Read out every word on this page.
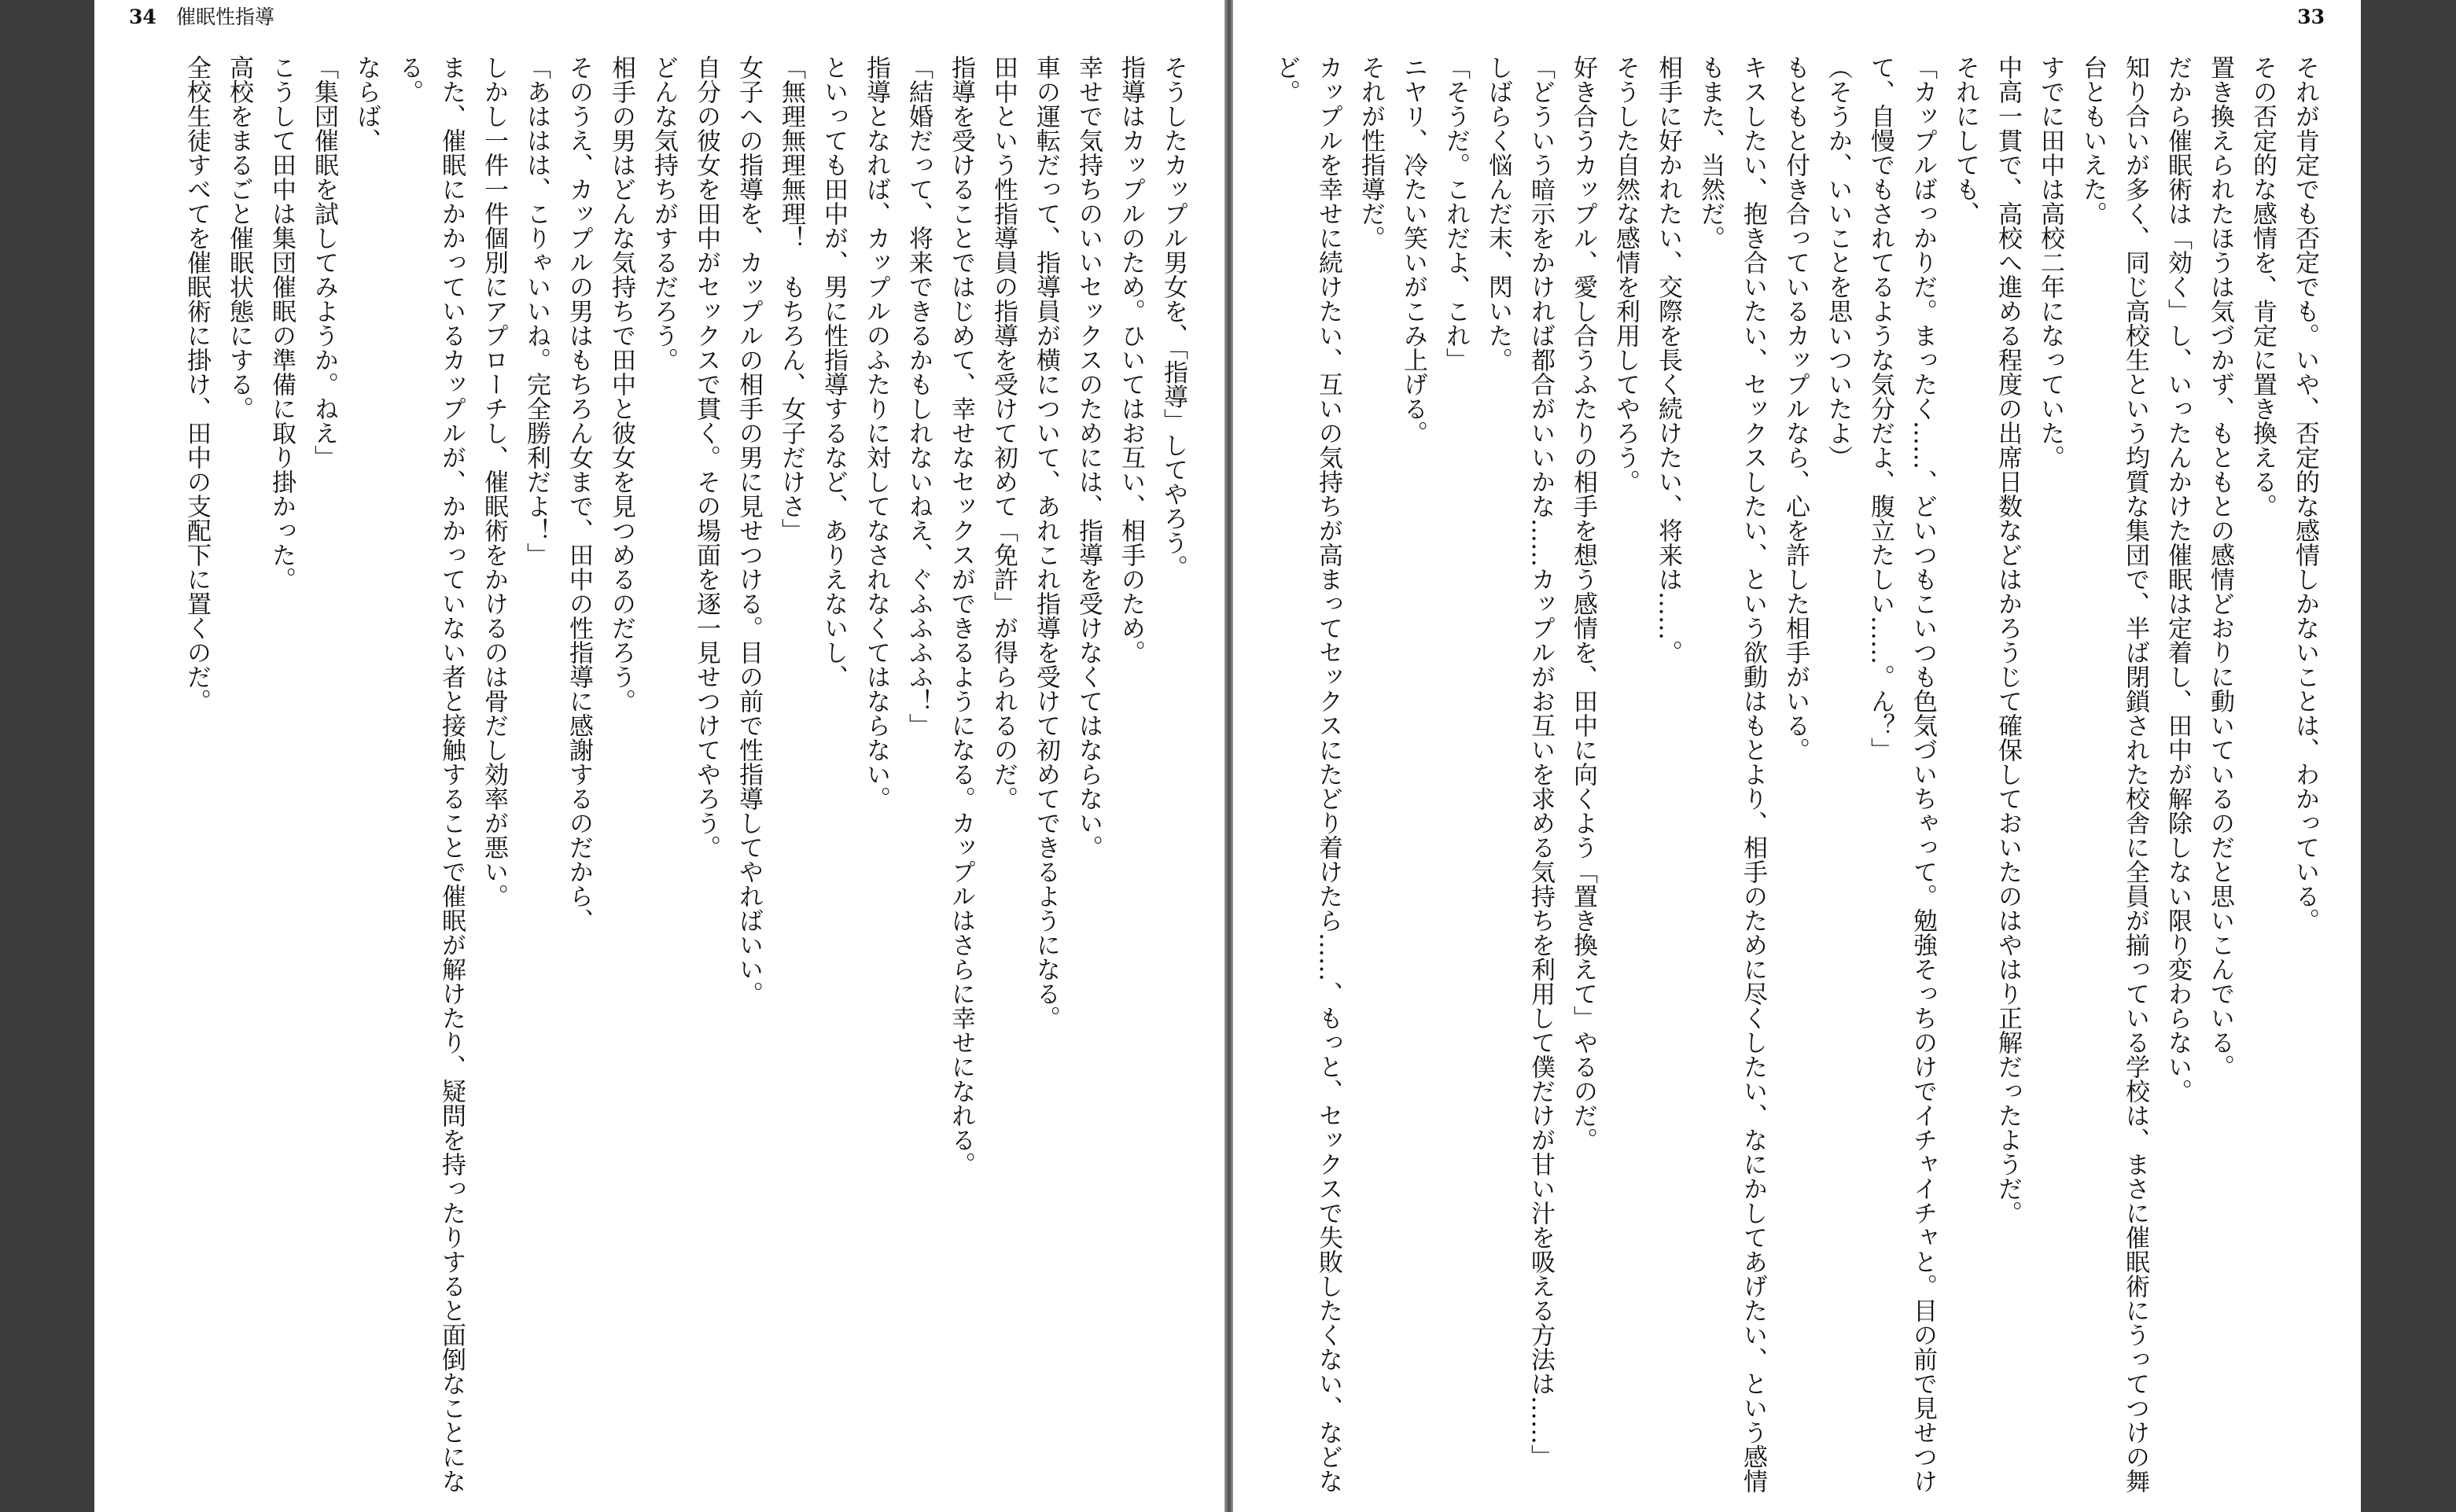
34 催眠性指導

そうしたカップル男女を、「指導」してやろう。

指導はカップルのため。ひいてはお互い、相手のため。

幸せで気持ちのいいセックスのためには、指導を受けなくてはならない。

車の運転だって、指導員が横について、あれこれ指導を受けて初めてできるようになる。

田中という性指導員の指導を受けて初めて「免許」が得られるのだ。

指導を受けることではじめて、幸せなセックスができるようになる。カップルはさらに幸せになれる。

「結婚だって、将来できるかもしれないねえ、ぐふふふふ！」

指導となれば、カップルのふたりに対してなされなくてはならない。

といっても田中が、男に性指導するなど、ありえないし、

「無理無理無理！　もちろん、女子だけさ」

女子への指導を、カップルの相手の男に見せつける。目の前で性指導してやればいい。

自分の彼女を田中がセックスで貫く。その場面を逐一見せつけてやろう。

どんな気持ちがするだろう。

相手の男はどんな気持ちで田中と彼女を見つめるのだろう。

そのうえ、カップルの男はもちろん女まで、田中の性指導に感謝するのだから、

「あははは、こりゃいいね。完全勝利だよ！」

しかし一件一件個別にアプローチし、催眠術をかけるのは骨だし効率が悪い。

また、催眠にかかっているカップルが、かかっていない者と接触することで催眠が解けたり、疑問を持ったりすると面倒なことにな

る。

ならば、

「集団催眠を試してみようか。ねえ」

こうして田中は集団催眠の準備に取り掛かった。

高校をまるごと催眠状態にする。

全校生徒すべてを催眠術に掛け、田中の支配下に置くのだ。

33

それが肯定でも否定でも。いや、否定的な感情しかないことは、わかっている。

その否定的な感情を、肯定に置き換える。

置き換えられたほうは気づかず、もともとの感情どおりに動いているのだと思いこんでいる。

だから催眠術は「効く」し、いったんかけた催眠は定着し、田中が解除しない限り変わらない。

知り合いが多く、同じ高校生という均質な集団で、半ば閉鎖された校舎に全員が揃っている学校は、まさに催眠術にうってつけの舞

台ともいえた。

すでに田中は高校二年になっていた。

中高一貫で、高校へ進める程度の出席日数などはかろうじて確保しておいたのはやはり正解だったようだ。

それにしても、

「カップルばっかりだ。まったく……、どいつもこいつも色気づいちゃって。勉強そっちのけでイチャイチャと。目の前で見せつけ

て、自慢でもされてるような気分だよ、腹立たしい……。ん？」

（そうか、いいことを思いついたよ）

もともと付き合っているカップルなら、心を許した相手がいる。

キスしたい、抱き合いたい、セックスしたい、という欲動はもとより、相手のために尽くしたい、なにかしてあげたい、という感情

もまた、当然だ。

相手に好かれたい、交際を長く続けたい、将来は……。

そうした自然な感情を利用してやろう。

好き合うカップル、愛し合うふたりの相手を想う感情を、田中に向くよう「置き換えて」やるのだ。

「どういう暗示をかければ都合がいいかな……カップルがお互いを求める気持ちを利用して僕だけが甘い汁を吸える方法は……」

しばらく悩んだ末、閃いた。

「そうだ。これだよ、これ」

ニヤリ、冷たい笑いがこみ上げる。

それが性指導だ。

カップルを幸せに続けたい、互いの気持ちが高まってセックスにたどり着けたら……、もっと、セックスで失敗したくない、などな

ど。
